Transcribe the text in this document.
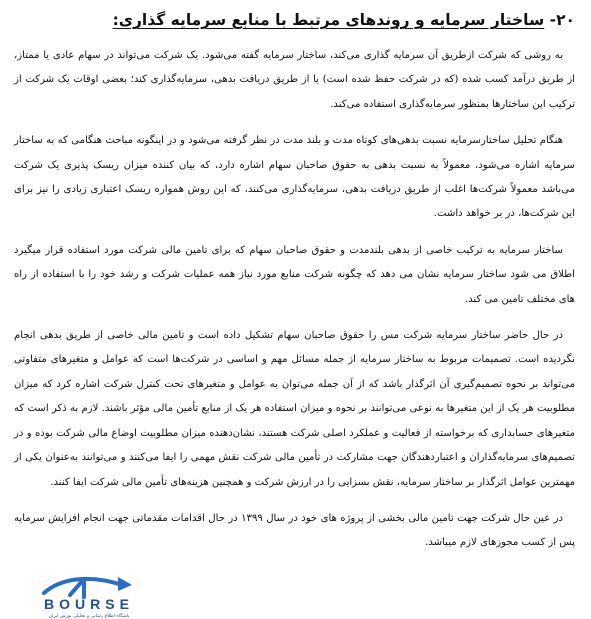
۲۰- ساختار سرمایه و روندهای مرتبط با منابع سرمایه گذاری:

به روشی که شرکت ازطریق آن سرمایه گذاری می‌کند، ساختار سرمایه گفته می‌شود. یک شرکت می‌تواند در سهام عادی یا ممتاز، از طریق درآمد کسب شده (که در شرکت حفظ شده است) یا از طریق دریافت بدهی، سرمایه‌گذاری کند؛ بعضی اوقات یک شرکت از ترکیب این ساختارها بمنظور سرمایه‌گذاری استفاده می‌کند.

هنگام تحلیل ساختارسرمایه نسبت بدهی‌های کوتاه مدت و بلند مدت در نظر گرفته می‌شود و در اینگونه مباحث هنگامی که به ساختار سرمایه اشاره می‌شود، معمولاً به نسبت بدهی به حقوق صاحبان سهام اشاره دارد، که بیان کننده میزان ریسک پذیری یک شرکت می‌باشد معمولاً شرکت‌ها اغلب از طریق دریافت بدهی، سرمایه‌گذاری می‌کنند، که این روش همواره ریسک اعتباری زیادی را نیز برای این شرکت‌ها، در بر خواهد داشت.

ساختار سرمایه به ترکیب خاصی از بدهی بلندمدت و حقوق صاحبان سهام که برای تامین مالی شرکت مورد استفاده قرار میگیرد اطلاق می شود ساختار سرمایه نشان می دهد که چگونه شرکت منابع مورد نیاز همه عملیات شرکت و رشد خود را با استفاده از راه های مختلف تامین می کند.

در حال حاضر ساختار سرمایه شرکت مس را حقوق صاحبان سهام تشکیل داده است و تامین مالی خاصی از طریق بدهی انجام نگردیده است. تصمیمات مربوط به ساختار سرمایه از جمله مسائل مهم و اساسی در شرکت‌ها است که عوامل و متغیرهای متفاوتی می‌تواند بر نحوه تصمیم‌گیری آن اثرگذار باشد که از آن جمله می‌توان به عوامل و متغیرهای تحت کنترل شرکت اشاره کرد که میزان مطلوبیت هر یک از این متغیرها به نوعی می‌توانند بر نحوه و میزان استفاده هر یک از منابع تأمین مالی مؤثر باشند. لازم به ذکر است که متغیرهای حسابداری که برخواسته از فعالیت و عملکرد اصلی شرکت هستند، نشان‌دهنده میزان مطلوبیت اوضاع مالی شرکت بوده و در تصمیم‌های سرمایه‌گذاران و اعتباردهندگان جهت مشارکت در تأمین مالی شرکت نقش مهمی را ایفا می‌کنند و می‌توانند به‌عنوان یکی از مهمترین عوامل اثرگذار بر ساختار سرمایه، نقش بسزایی را در ارزش شرکت و همچنین هزینه‌های تأمین مالی شرکت ایفا کنند.

در عین حال شرکت جهت تامین مالی بخشی از پروژه های خود در سال ۱۳۹۹ در حال اقدامات مقدماتی جهت انجام افزایش سرمایه پس از کسب مجوزهای لازم میباشد.

BOURSE
باشگاه اطلاع رسانی و تحلیلی بورس ایران
